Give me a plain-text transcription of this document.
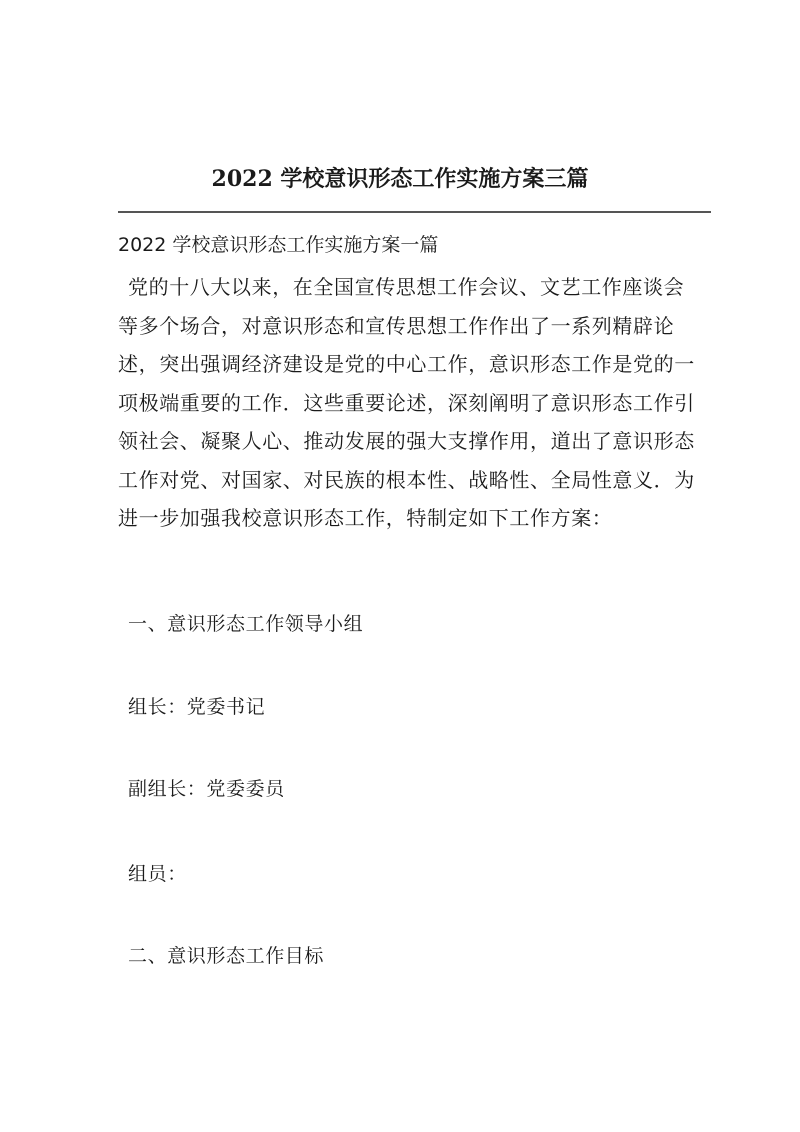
2022 学校意识形态工作实施方案三篇
2022 学校意识形态工作实施方案一篇

党的十八大以来，在全国宣传思想工作会议、文艺工作座谈会
等多个场合，对意识形态和宣传思想工作作出了一系列精辟论
述，突出强调经济建设是党的中心工作，意识形态工作是党的一
项极端重要的工作．这些重要论述，深刻阐明了意识形态工作引
领社会、凝聚人心、推动发展的强大支撑作用，道出了意识形态
工作对党、对国家、对民族的根本性、战略性、全局性意义．为
进一步加强我校意识形态工作，特制定如下工作方案：

一、意识形态工作领导小组

组长：党委书记

副组长：党委委员

组员：

二、意识形态工作目标
